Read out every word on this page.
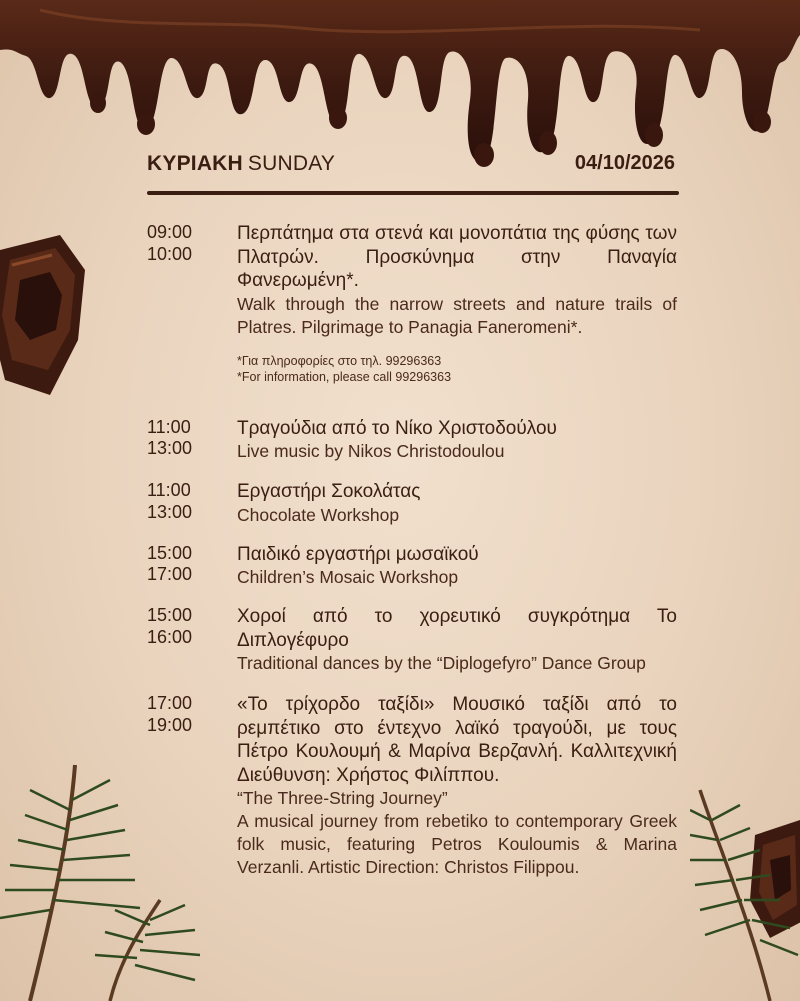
ΚΥΡΙΑΚΗ SUNDAY	04/10/2026
09:00
10:00
Περπάτημα στα στενά και μονοπάτια της φύσης των Πλατρών. Προσκύνημα στην Παναγία Φανερωμένη*.
Walk through the narrow streets and nature trails of Platres. Pilgrimage to Panagia Faneromeni*.
*Για πληροφορίες στο τηλ. 99296363
*For information, please call 99296363
11:00
13:00
Τραγούδια από το Νίκο Χριστοδούλου
Live music by Nikos Christodoulou
11:00
13:00
Εργαστήρι Σοκολάτας
Chocolate Workshop
15:00
17:00
Παιδικό εργαστήρι μωσαϊκού
Children’s Mosaic Workshop
15:00
16:00
Χοροί από το χορευτικό συγκρότημα Το Διπλογέφυρο
Traditional dances by the “Diplogefyro” Dance Group
17:00
19:00
«Το τρίχορδο ταξίδι» Μουσικό ταξίδι από το ρεμπέτικο στο έντεχνο λαϊκό τραγούδι, με τους Πέτρο Κουλουμή & Μαρίνα Βερζανλή. Καλλιτεχνική Διεύθυνση: Χρήστος Φιλίππου.
“The Three-String Journey”
A musical journey from rebetiko to contemporary Greek folk music, featuring Petros Kouloumis & Marina Verzanli. Artistic Direction: Christos Filippou.
